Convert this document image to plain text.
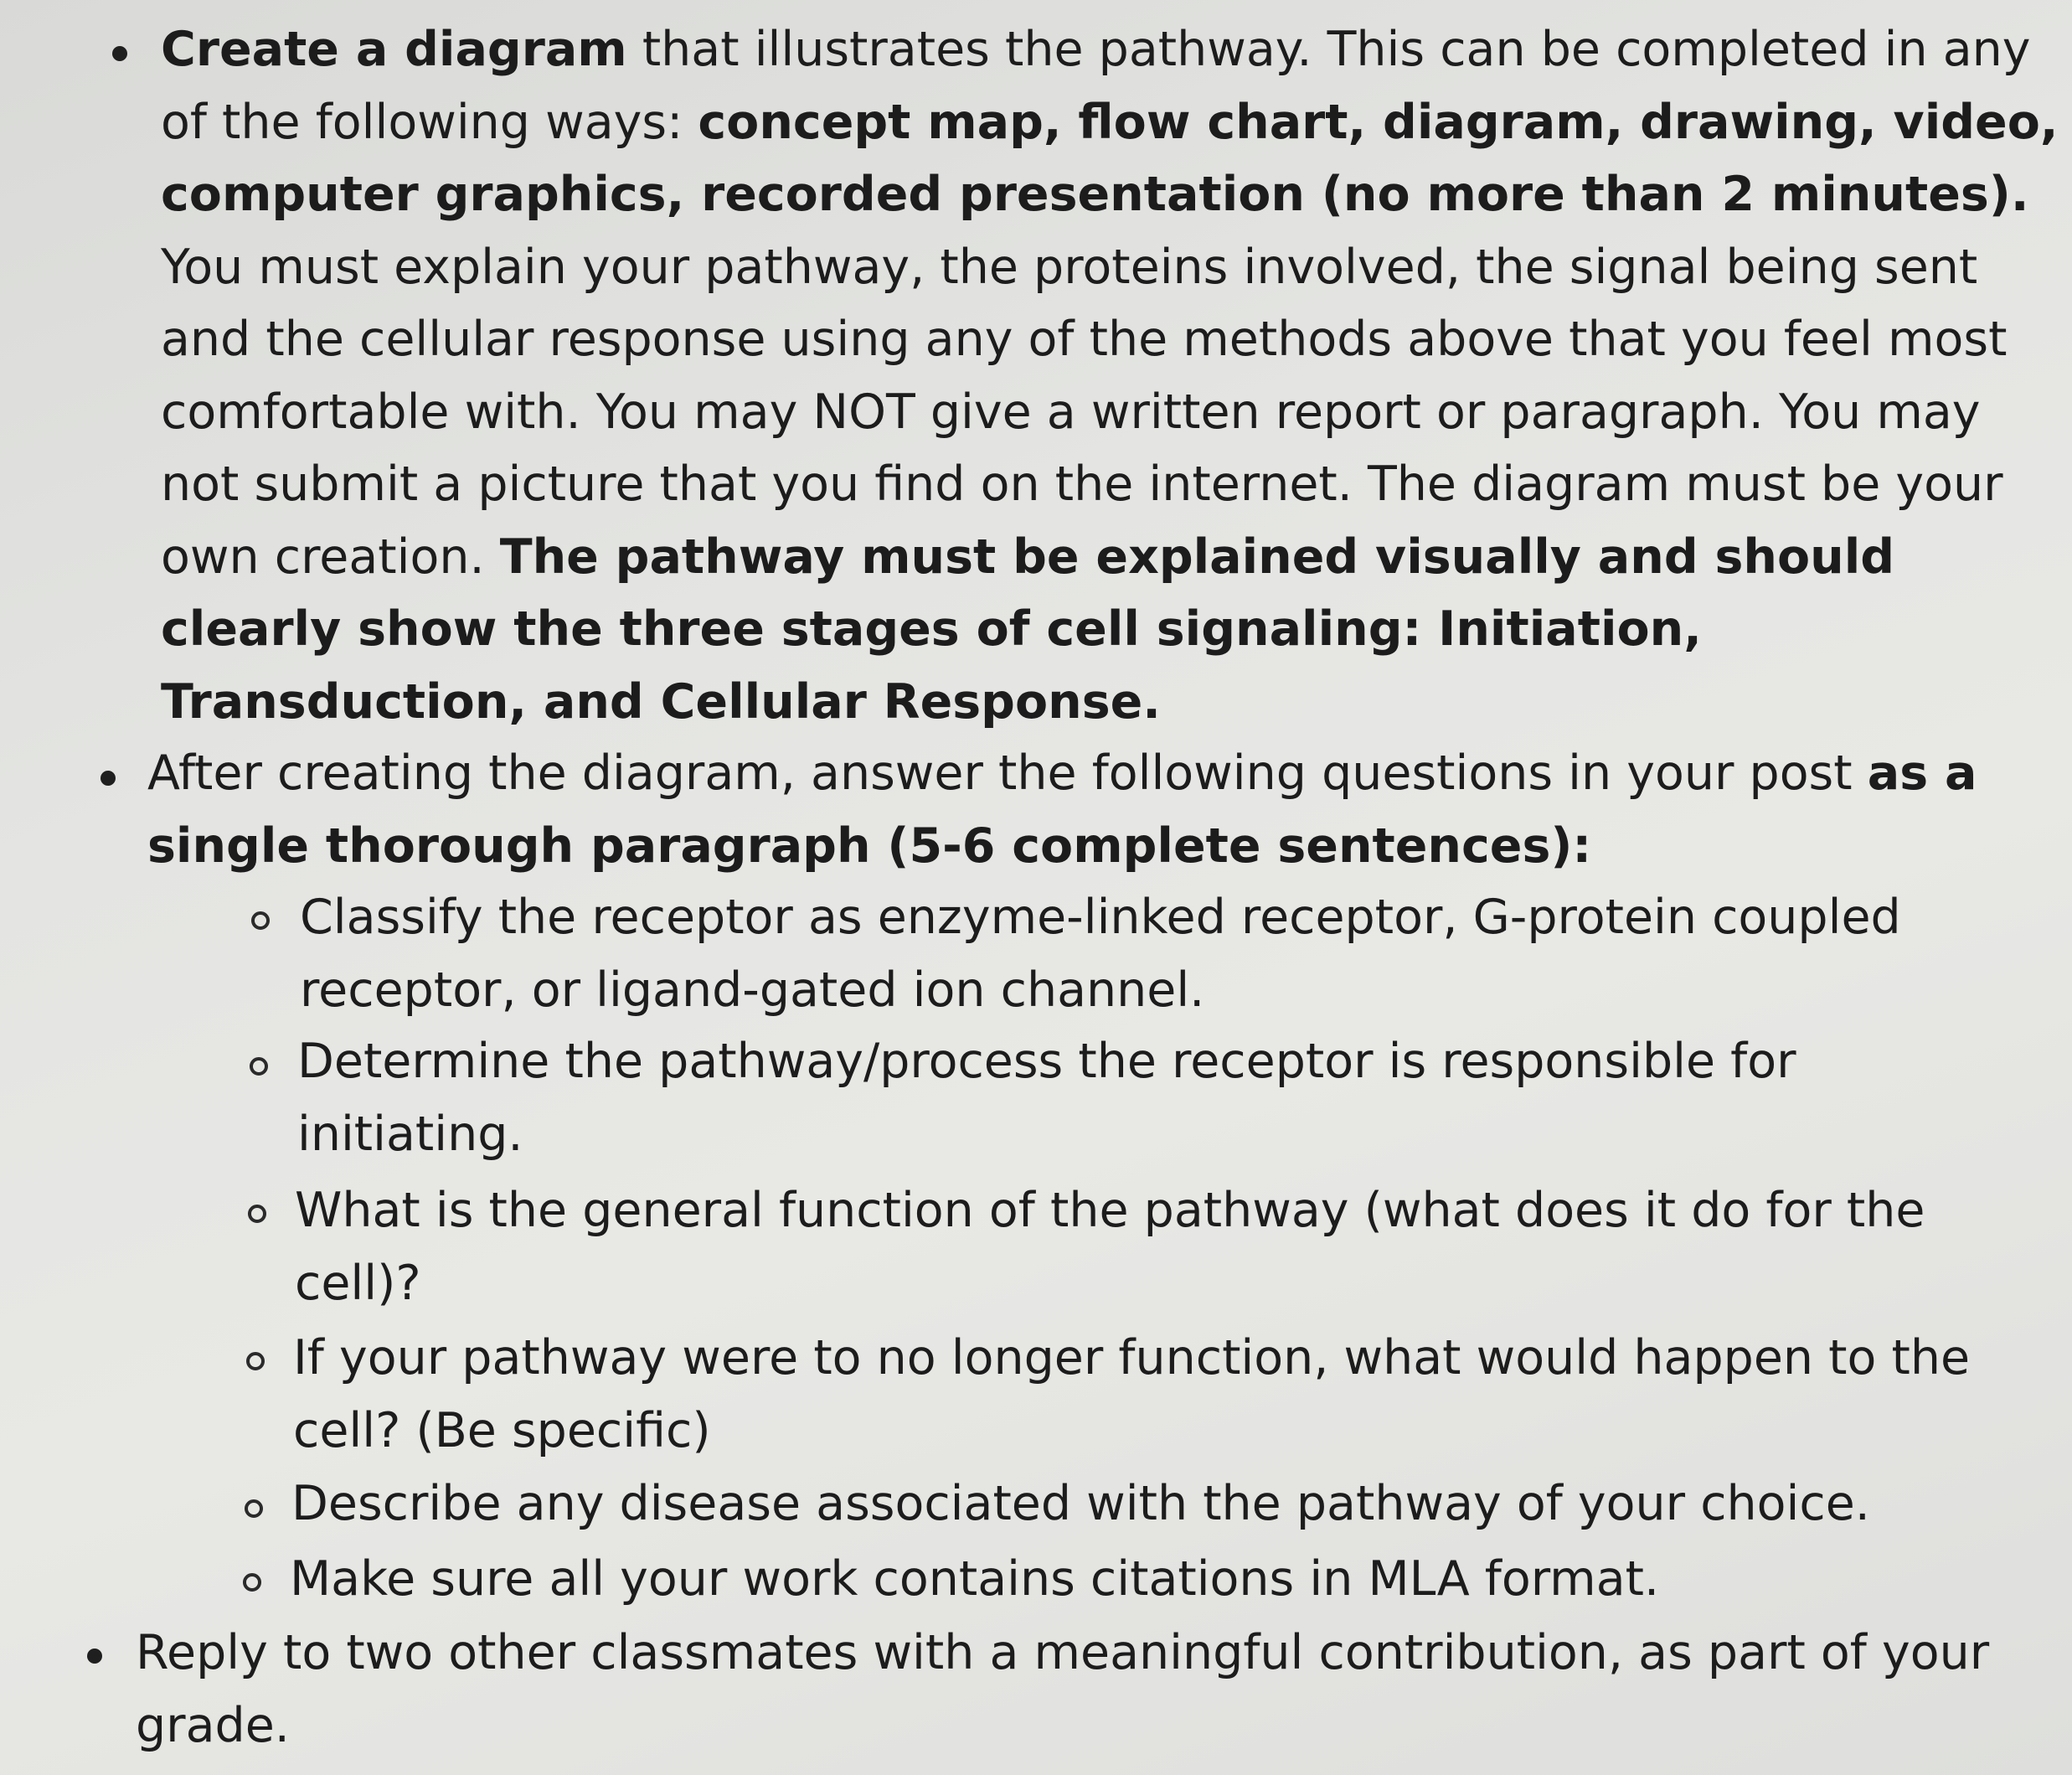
Create a diagram that illustrates the pathway. This can be completed in any of the following ways: concept map, flow chart, diagram, drawing, video, computer graphics, recorded presentation (no more than 2 minutes). You must explain your pathway, the proteins involved, the signal being sent and the cellular response using any of the methods above that you feel most comfortable with. You may NOT give a written report or paragraph. You may not submit a picture that you find on the internet. The diagram must be your own creation. The pathway must be explained visually and should clearly show the three stages of cell signaling: Initiation, Transduction, and Cellular Response.
After creating the diagram, answer the following questions in your post as a single thorough paragraph (5-6 complete sentences):
Classify the receptor as enzyme-linked receptor, G-protein coupled receptor, or ligand-gated ion channel.
Determine the pathway/process the receptor is responsible for initiating.
What is the general function of the pathway (what does it do for the cell)?
If your pathway were to no longer function, what would happen to the cell? (Be specific)
Describe any disease associated with the pathway of your choice.
Make sure all your work contains citations in MLA format.
Reply to two other classmates with a meaningful contribution, as part of your grade.
